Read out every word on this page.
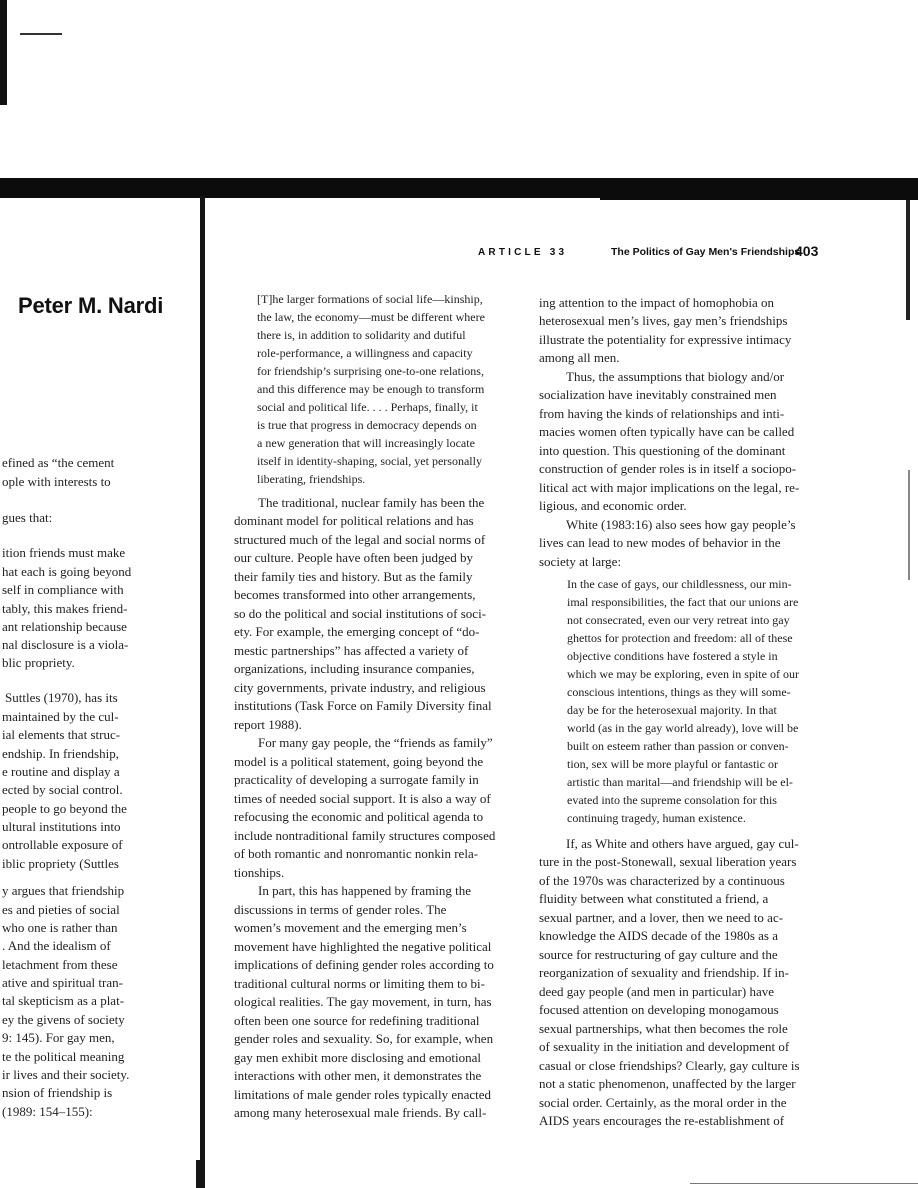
Peter M. Nardi
ARTICLE 33	The Politics of Gay Men's Friendships
403
efined as “the cement
ople with interests to
gues that:
ition friends must make
hat each is going beyond
self in compliance with
tably, this makes friend-
ant relationship because
nal disclosure is a viola-
blic propriety.
Suttles (1970), has its
maintained by the cul-
ial elements that struc-
endship. In friendship,
e routine and display a
ected by social control.
people to go beyond the
ultural institutions into
ontrollable exposure of
iblic propriety (Suttles
y argues that friendship
es and pieties of social
who one is rather than
. And the idealism of
letachment from these
ative and spiritual tran-
tal skepticism as a plat-
ey the givens of society
9: 145). For gay men,
te the political meaning
ir lives and their society.
nsion of friendship is
(1989: 154–155):
[T]he larger formations of social life—kinship,
the law, the economy—must be different where
there is, in addition to solidarity and dutiful
role-performance, a willingness and capacity
for friendship’s surprising one-to-one relations,
and this difference may be enough to transform
social and political life. . . . Perhaps, finally, it
is true that progress in democracy depends on
a new generation that will increasingly locate
itself in identity-shaping, social, yet personally
liberating, friendships.
The traditional, nuclear family has been the
dominant model for political relations and has
structured much of the legal and social norms of
our culture. People have often been judged by
their family ties and history. But as the family
becomes transformed into other arrangements,
so do the political and social institutions of soci-
ety. For example, the emerging concept of “do-
mestic partnerships” has affected a variety of
organizations, including insurance companies,
city governments, private industry, and religious
institutions (Task Force on Family Diversity final
report 1988).
For many gay people, the “friends as family”
model is a political statement, going beyond the
practicality of developing a surrogate family in
times of needed social support. It is also a way of
refocusing the economic and political agenda to
include nontraditional family structures composed
of both romantic and nonromantic nonkin rela-
tionships.
In part, this has happened by framing the
discussions in terms of gender roles. The
women’s movement and the emerging men’s
movement have highlighted the negative political
implications of defining gender roles according to
traditional cultural norms or limiting them to bi-
ological realities. The gay movement, in turn, has
often been one source for redefining traditional
gender roles and sexuality. So, for example, when
gay men exhibit more disclosing and emotional
interactions with other men, it demonstrates the
limitations of male gender roles typically enacted
among many heterosexual male friends. By call-
ing attention to the impact of homophobia on
heterosexual men’s lives, gay men’s friendships
illustrate the potentiality for expressive intimacy
among all men.
Thus, the assumptions that biology and/or
socialization have inevitably constrained men
from having the kinds of relationships and inti-
macies women often typically have can be called
into question. This questioning of the dominant
construction of gender roles is in itself a sociopo-
litical act with major implications on the legal, re-
ligious, and economic order.
White (1983:16) also sees how gay people’s
lives can lead to new modes of behavior in the
society at large:
In the case of gays, our childlessness, our min-
imal responsibilities, the fact that our unions are
not consecrated, even our very retreat into gay
ghettos for protection and freedom: all of these
objective conditions have fostered a style in
which we may be exploring, even in spite of our
conscious intentions, things as they will some-
day be for the heterosexual majority. In that
world (as in the gay world already), love will be
built on esteem rather than passion or conven-
tion, sex will be more playful or fantastic or
artistic than marital—and friendship will be el-
evated into the supreme consolation for this
continuing tragedy, human existence.
If, as White and others have argued, gay cul-
ture in the post-Stonewall, sexual liberation years
of the 1970s was characterized by a continuous
fluidity between what constituted a friend, a
sexual partner, and a lover, then we need to ac-
knowledge the AIDS decade of the 1980s as a
source for restructuring of gay culture and the
reorganization of sexuality and friendship. If in-
deed gay people (and men in particular) have
focused attention on developing monogamous
sexual partnerships, what then becomes the role
of sexuality in the initiation and development of
casual or close friendships? Clearly, gay culture is
not a static phenomenon, unaffected by the larger
social order. Certainly, as the moral order in the
AIDS years encourages the re-establishment of
